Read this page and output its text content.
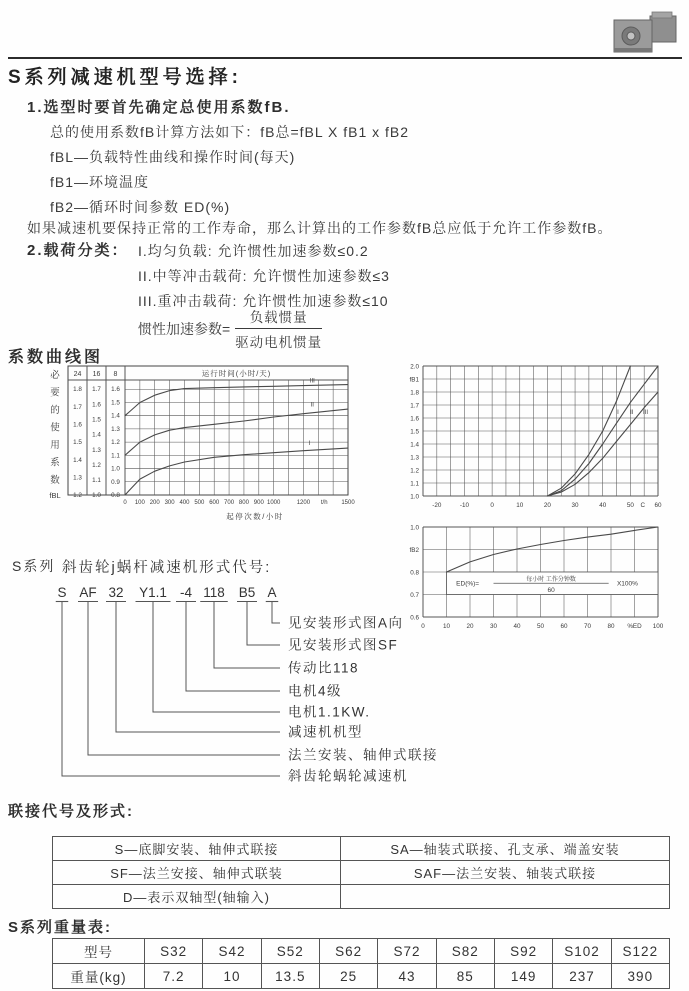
S系列减速机型号选择:
1.选型时要首先确定总使用系数fB.
总的使用系数fB计算方法如下：fB总=fBL X fB1 x fB2
fBL—负载特性曲线和操作时间(每天)
fB1—环境温度
fB2—循环时间参数 ED(%)
如果减速机要保持正常的工作寿命，那么计算出的工作参数fB总应低于允许工作参数fB。
2.载荷分类： I.均匀负载: 允许惯性加速参数≤0.2
II.中等冲击载荷: 允许惯性加速参数≤3
III.重冲击载荷: 允许惯性加速参数≤10
惯性加速参数= $\frac{\text{负载惯量}}{\text{驱动电机惯量}}$
系数曲线图
24
1.8
1.7
1.6
1.5
1.4
1.3
1.2
16
1.7
1.6
1.5
1.4
1.3
1.2
1.1
1.0
8
1.6
1.5
1.4
1.3
1.2
1.1
1.0
0.9
0.8
运行时间(小时/天)
0 100 200 300 400 500 600 700 800 900 1000	1200 t/h 1500
起停次数/小时
必
要
的
使
用
系
数
fBL
III
II
I
2.0
fB1
1.8
1.7
1.6
1.5
1.4
1.3
1.2
1.1
1.0
-20	-10	0	10	20	30	40	50 C 60
I II III
1.0
fB2
0.8
0.7
0.6
0	10	20	30	40	50	60	70	80 %ED 100
ED(%)=
每小时 工作分钟数
60
X100%
S系列 斜齿轮j蜗杆减速机形式代号:
S
斜齿轮蜗轮减速机
AF
法兰安装、轴伸式联接
32
减速机机型
Y1.1
电机1.1KW.
-4
电机4级
118
传动比118
B5
见安装形式图SF
A
见安装形式图A向
联接代号及形式:
S—底脚安装、轴伸式联接	SA—轴装式联接、孔支承、端盖安装
SF—法兰安接、轴伸式联装	SAF—法兰安装、轴装式联接
D—表示双轴型(轴输入)	
S系列重量表:
型号	S32	S42	S52	S62	S72	S82	S92	S102	S122
重量(kg)	7.2	10	13.5	25	43	85	149	237	390
